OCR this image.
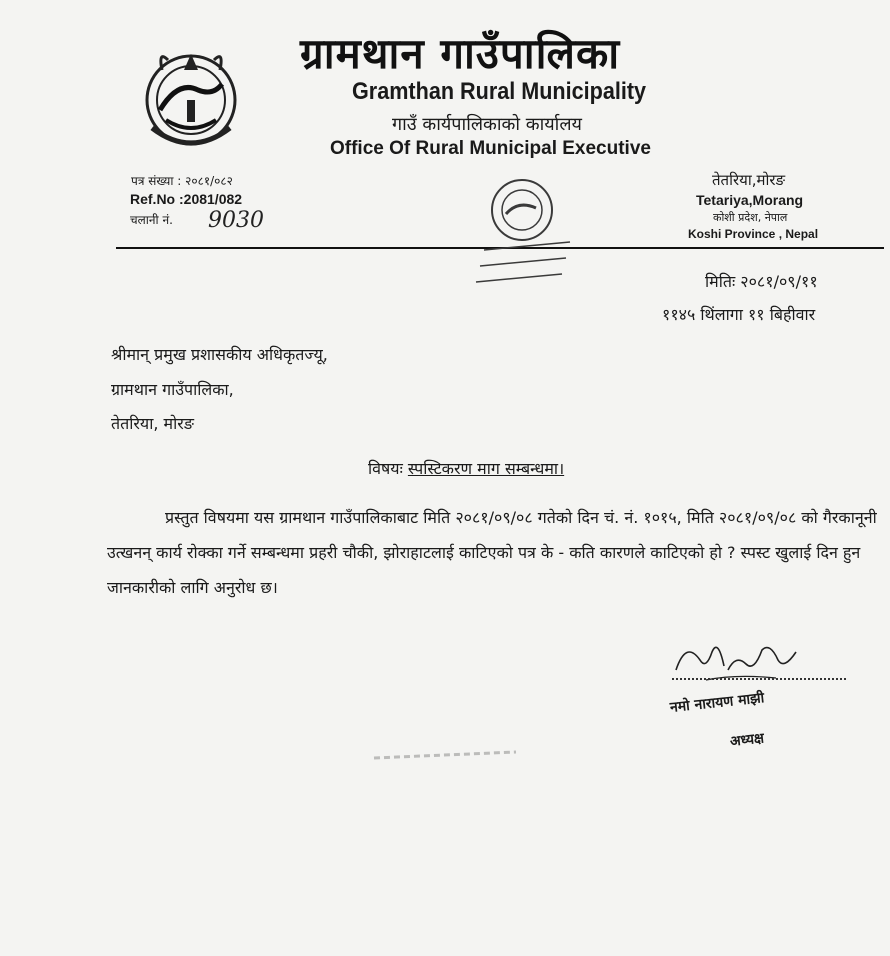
ग्रामथान गाउँपालिका
Gramthan Rural Municipality
गाउँ कार्यपालिकाको कार्यालय
Office Of Rural Municipal Executive
पत्र संख्या : २०८१/०८२
Ref.No :2081/082
चलानी नं. 9030
तेतरिया,मोरङ
Tetariya,Morang
कोशी प्रदेश, नेपाल
Koshi Province , Nepal
मितिः २०८१/०९/११
११४५ थिंलागा ११ बिहीवार
श्रीमान् प्रमुख प्रशासकीय अधिकृतज्यू,
ग्रामथान गाउँपालिका,
तेतरिया, मोरङ
विषयः स्पस्टिकरण माग सम्बन्धमा।
प्रस्तुत विषयमा यस ग्रामथान गाउँपालिकाबाट मिति २०८१/०९/०८ गतेको दिन चं. नं. १०१५, मिति २०८१/०९/०८ को गैरकानूनी उत्खनन् कार्य रोक्का गर्ने सम्बन्धमा प्रहरी चौकी, झोराहाटलाई काटिएको पत्र के - कति कारणले काटिएको हो ? स्पस्ट खुलाई दिन हुन जानकारीको लागि अनुरोध छ।
नमो नारायण माझी
अध्यक्ष
